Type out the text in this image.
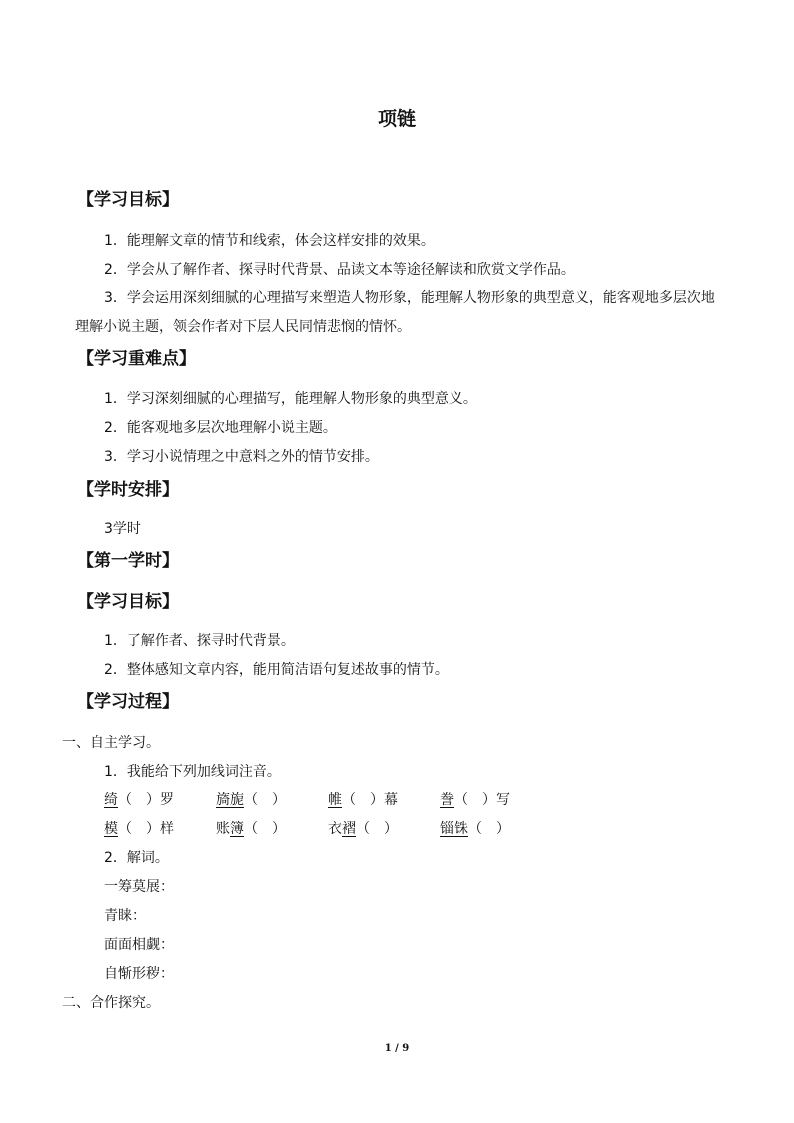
项链
【学习目标】
1．能理解文章的情节和线索，体会这样安排的效果。
2．学会从了解作者、探寻时代背景、品读文本等途径解读和欣赏文学作品。
3．学会运用深刻细腻的心理描写来塑造人物形象，能理解人物形象的典型意义，能客观地多层次地理解小说主题，领会作者对下层人民同情悲悯的情怀。
【学习重难点】
1．学习深刻细腻的心理描写，能理解人物形象的典型意义。
2．能客观地多层次地理解小说主题。
3．学习小说情理之中意料之外的情节安排。
【学时安排】
3学时
【第一学时】
【学习目标】
1．了解作者、探寻时代背景。
2．整体感知文章内容，能用简洁语句复述故事的情节。
【学习过程】
一、自主学习。
1．我能给下列加线词注音。
绮（　）罗	旖旎（　）	帷（　）幕	誊（　）写
模（　）样	账簿（　）	衣褶（　）	锱铢（　）
2．解词。
一筹莫展：
青睐：
面面相觑：
自惭形秽：
二、合作探究。
1 / 9
